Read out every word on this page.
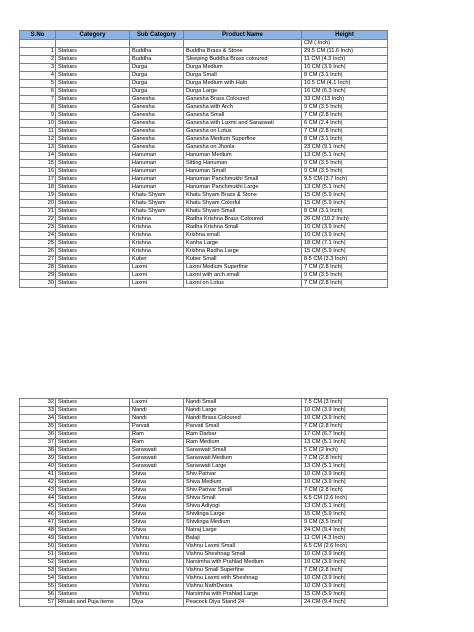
S.No	Category	Sub Category	Product Name	Height
				CM ( Inch)
1	Statues	Buddha	Buddha Brass & Stone	29.5 CM (11.6 Inch)
2	Statues	Buddha	Sleeping Buddha Brass coloured	11 CM (4.3 Inch)
3	Statues	Durga	Durga Medium	10 CM (3.9 Inch)
4	Statues	Durga	Durga Small	8 CM (3.1 Inch)
5	Statues	Durga	Durga Medium with Halo	10.5 CM (4.1 Inch)
6	Statues	Durga	Durga Large	16 CM (6.3 Inch)
7	Statues	Ganesha	Ganesha Brass Coloured	33 CM (13 Inch)
8	Statues	Ganesha	Ganesha with Arch	9 CM (3.5 Inch)
9	Statues	Ganesha	Ganesha Small	7 CM (2.8 Inch)
10	Statues	Ganesha	Ganesha with Laxmi and Saraswati	6 CM (2.4 Inch)
11	Statues	Ganesha	Ganesha on Lotus	7 CM (2.8 Inch)
12	Statues	Ganesha	Ganesha Medium Superfine	8 CM (3.1 Inch)
13	Statues	Ganesha	Ganesha on Jhoola	23 CM (9.1 Inch)
14	Statues	Hanuman	Hanuman Medium	13 CM (5.1 Inch)
15	Statues	Hanuman	Sitting Hanuman	9 CM (3.5 Inch)
16	Statues	Hanuman	Hanuman Small	9 CM (3.5 Inch)
17	Statues	Hanuman	Hanuman Panchmukhi Small	9.5 CM (3.7 Inch)
18	Statues	Hanuman	Hanuman Panchmukhi Large	13 CM (5.1 Inch)
19	Statues	Khatu Shyam	Khatu Shyam Brass & Stone	15 CM (5.9 Inch)
20	Statues	Khatu Shyam	Khatu Shyam Colorful	15 CM (5.9 Inch)
21	Statues	Khatu Shyam	Khatu Shyam Small	8 CM (3.1 Inch)
22	Statues	Krishna	Radha Krishna Brass Coloured	26 CM (10.2 Inch)
23	Statues	Krishna	Radha Krishna Small	10 CM (3.9 Inch)
24	Statues	Krishna	Krishna small	10 CM (3.9 Inch)
25	Statues	Krishna	Kanha Large	18 CM (7.1 Inch)
26	Statues	Krishna	Krishna Radha Large	15 CM (5.9 Inch)
27	Statues	Kuber	Kuber Small	8.5 CM (3.3 Inch)
28	Statues	Laxmi	Laxmi Medium Superfine	7 CM (2.8 Inch)
29	Statues	Laxmi	Laxmi with arch small	9 CM (3.5 Inch)
30	Statues	Laxmi	Laxmi on Lotus	7 CM (2.8 Inch)
32	Statues	Laxmi	Nandi Small	7.5 CM (3 Inch)
33	Statues	Nandi	Nandi Large	10 CM (3.9 Inch)
34	Statues	Nandi	Nandi Brass Coloured	10 CM (3.9 Inch)
35	Statues	Parvati	Parvati Small	7 CM (2.8 Inch)
36	Statues	Ram	Ram Darbar	17 CM (6.7 Inch)
37	Statues	Ram	Ram Medium	13 CM (5.1 Inch)
38	Statues	Saraswati	Saraswati Small	5 CM (2 Inch)
39	Statues	Saraswati	Saraswati Medium	7 CM (2.8 Inch)
40	Statues	Saraswati	Saraswati Large	13 CM (5.1 Inch)
41	Statues	Shiva	Shiv Parivar	10 CM (3.9 Inch)
42	Statues	Shiva	Shiva Medium	10 CM (3.9 Inch)
43	Statues	Shiva	Shiv Parivar Small	7 CM (2.8 Inch)
44	Statues	Shiva	Shiva Small	6.5 CM (2.6 Inch)
45	Statues	Shiva	Shiva Adiyogi	13 CM (5.1 Inch)
46	Statues	Shiva	Shivlinga Large	15 CM (5.9 Inch)
47	Statues	Shiva	Shivlinga Medium	9 CM (3.5 Inch)
48	Statues	Shiva	Natraj Large	24 CM (9.4 Inch)
49	Statues	Vishnu	Balaji	11 CM (4.3 Inch)
50	Statues	Vishnu	Vishnu Laxmi Small	6.5 CM (2.6 Inch)
51	Statues	Vishnu	Vishnu Sheshnag Small	10 CM (3.9 Inch)
52	Statues	Vishnu	Narsimha with Prahlad Medium	10 CM (3.9 Inch)
53	Statues	Vishnu	Vishnu Small Superfine	7 CM (2.8 Inch)
54	Statues	Vishnu	Vishnu Laxmi with Sheshnag	10 CM (3.9 Inch)
55	Statues	Vishnu	Vishnu NathDwara	10 CM (3.9 Inch)
56	Statues	Vishnu	Narsimha with Prahlad Large	15 CM (5.9 Inch)
57	Rituals and Puja items	Diya	Peacock Diya Stand 24	24 CM (9.4 Inch)
